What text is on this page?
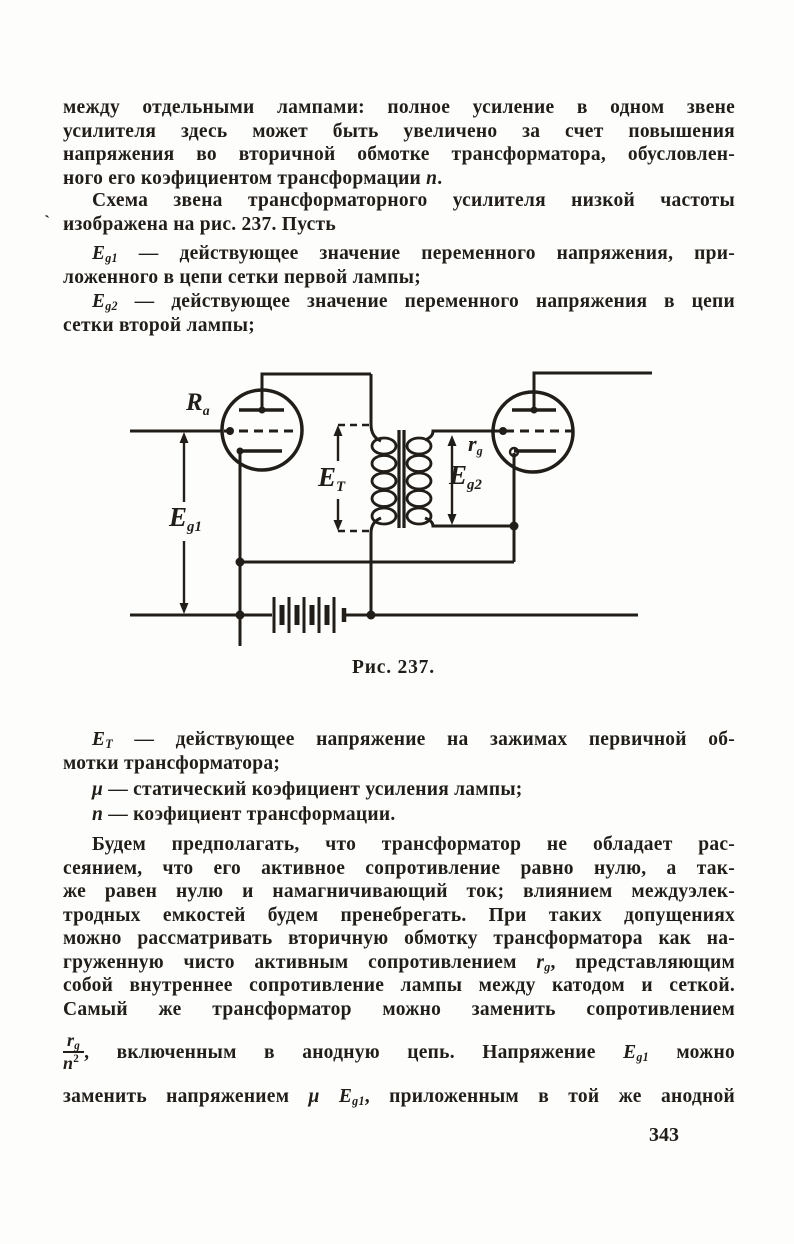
между отдельными лампами: полное усиление в одном звене
усилителя здесь может быть увеличено за счет повышения
напряжения во вторичной обмотке трансформатора, обусловлен-
ного его коэфициентом трансформации n.
Схема звена трансформаторного усилителя низкой частоты
изображена на рис. 237. Пусть
$E_{g1}$ — действующее значение переменного напряжения, при-
ложенного в цепи сетки первой лампы;
$E_{g2}$ — действующее значение переменного напряжения в цепи
сетки второй лампы;
$E_T$ — действующее напряжение на зажимах первичной об-
мотки трансформатора;
μ — статический коэфициент усиления лампы;
n — коэфициент трансформации.
Будем предполагать, что трансформатор не обладает рас-
сеянием, что его активное сопротивление равно нулю, а так-
же равен нулю и намагничивающий ток; влиянием междуэлек-
тродных емкостей будем пренебрегать. При таких допущениях
можно рассматривать вторичную обмотку трансформатора как на-
груженную чисто активным сопротивлением $r_g$, представляющим
собой внутреннее сопротивление лампы между катодом и сеткой.
Самый же трансформатор можно заменить сопротивлением
$\frac{r_g}{n^2}$ , включенным в анодную цепь. Напряжение $E_{g1}$ можно
заменить напряжением μ $E_{g1}$, приложенным в той же анодной
`
$R_a$
$E_{g1}$
$E_T$	$E_{g2}$
$r_g$
Рис. 237.
343
